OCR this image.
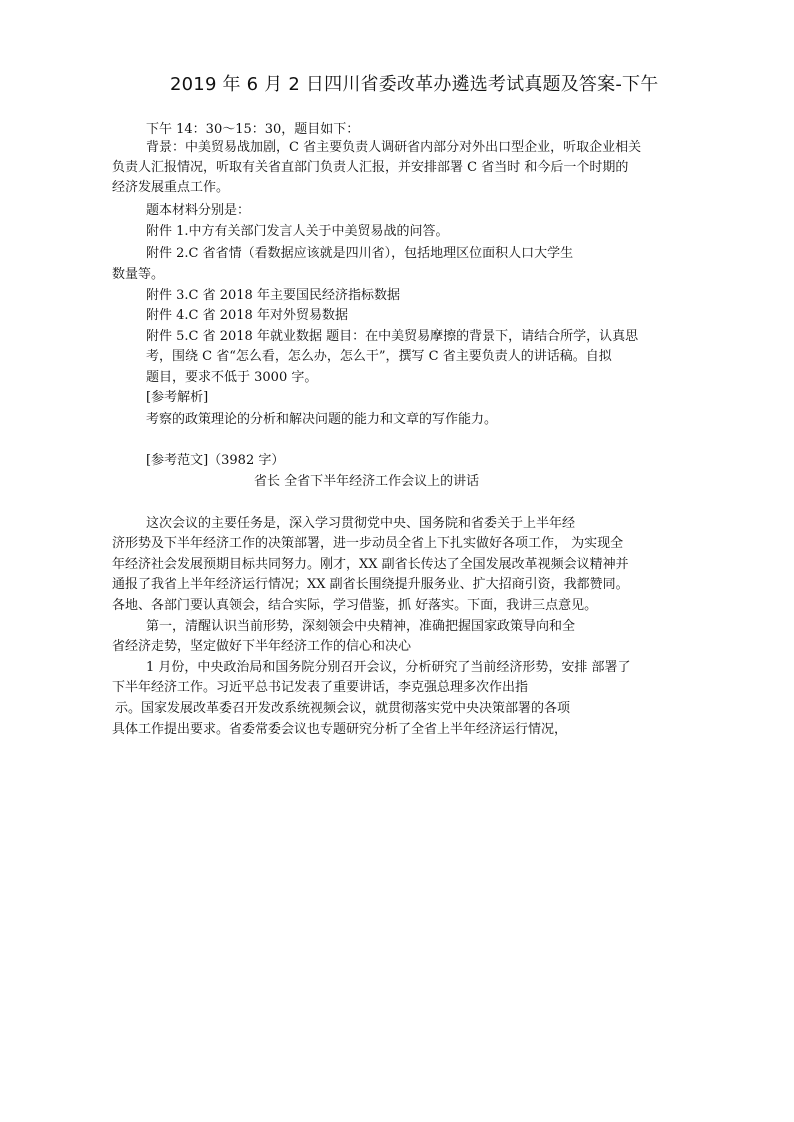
2019 年 6 月 2 日四川省委改革办遴选考试真题及答案-下午
下午 14：30～15：30，题目如下：
背景：中美贸易战加剧，C 省主要负责人调研省内部分对外出口型企业，听取企业相关
负责人汇报情况，听取有关省直部门负责人汇报，并安排部署 C 省当时 和今后一个时期的
经济发展重点工作。
题本材料分别是：
附件 1.中方有关部门发言人关于中美贸易战的问答。
附件 2.C 省省情（看数据应该就是四川省），包括地理区位面积人口大学生
数量等。
附件 3.C 省 2018 年主要国民经济指标数据
附件 4.C 省 2018 年对外贸易数据
附件 5.C 省 2018 年就业数据 题目：在中美贸易摩擦的背景下，请结合所学，认真思
考，围绕 C 省“怎么看，怎么办，怎么干”，撰写 C 省主要负责人的讲话稿。自拟
题目，要求不低于 3000 字。
[参考解析]
考察的政策理论的分析和解决问题的能力和文章的写作能力。
[参考范文]（3982 字）
省长 全省下半年经济工作会议上的讲话
这次会议的主要任务是，深入学习贯彻党中央、国务院和省委关于上半年经
济形势及下半年经济工作的决策部署，进一步动员全省上下扎实做好各项工作， 为实现全
年经济社会发展预期目标共同努力。刚才，XX 副省长传达了全国发展改革视频会议精神并
通报了我省上半年经济运行情况；XX 副省长围绕提升服务业、扩大招商引资，我都赞同。
各地、各部门要认真领会，结合实际，学习借鉴，抓 好落实。下面，我讲三点意见。
第一，清醒认识当前形势，深刻领会中央精神，准确把握国家政策导向和全
省经济走势，坚定做好下半年经济工作的信心和决心
1 月份，中央政治局和国务院分别召开会议，分析研究了当前经济形势，安排 部署了
下半年经济工作。习近平总书记发表了重要讲话，李克强总理多次作出指
示。国家发展改革委召开发改系统视频会议，就贯彻落实党中央决策部署的各项
具体工作提出要求。省委常委会议也专题研究分析了全省上半年经济运行情况，
